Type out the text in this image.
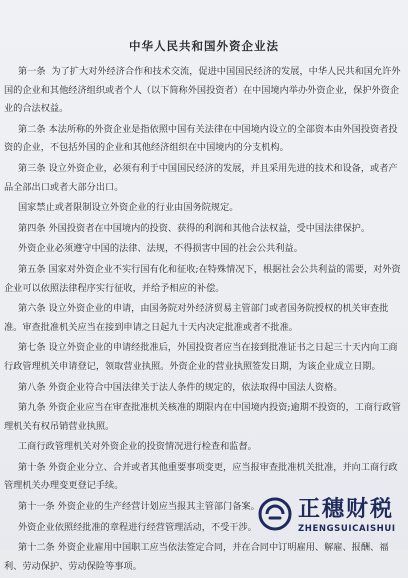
中华人民共和国外资企业法
第一条  为了扩大对外经济合作和技术交流，促进中国国民经济的发展，中华人民共和国允许外国的企业和其他经济组织或者个人（以下简称外国投资者）在中国境内举办外资企业，保护外资企业的合法权益。
第二条 本法所称的外资企业是指依照中国有关法律在中国境内设立的全部资本由外国投资者投资的企业，不包括外国的企业和其他经济组织在中国境内的分支机构。
第三条 设立外资企业，必须有利于中国国民经济的发展，并且采用先进的技术和设备，或者产品全部出口或者大部分出口。
国家禁止或者限制设立外资企业的行业由国务院规定。
第四条 外国投资者在中国境内的投资、获得的利润和其他合法权益，受中国法律保护。
外资企业必须遵守中国的法律、法规，不得损害中国的社会公共利益。
第五条 国家对外资企业不实行国有化和征收;在特殊情况下，根据社会公共利益的需要，对外资企业可以依照法律程序实行征收，并给予相应的补偿。
第六条 设立外资企业的申请，由国务院对外经济贸易主管部门或者国务院授权的机关审查批准。审查批准机关应当在接到申请之日起九十天内决定批准或者不批准。
第七条 设立外资企业的申请经批准后，外国投资者应当在接到批准证书之日起三十天内向工商行政管理机关申请登记，领取营业执照。外资企业的营业执照签发日期，为该企业成立日期。
第八条 外资企业符合中国法律关于法人条件的规定的，依法取得中国法人资格。
第九条 外资企业应当在审查批准机关核准的期限内在中国境内投资;逾期不投资的，工商行政管理机关有权吊销营业执照。
工商行政管理机关对外资企业的投资情况进行检查和监督。
第十条 外资企业分立、合并或者其他重要事项变更，应当报审查批准机关批准，并向工商行政管理机关办理变更登记手续。
第十一条 外资企业的生产经营计划应当报其主管部门备案。
外资企业依照经批准的章程进行经营管理活动，不受干涉。
第十二条 外资企业雇用中国职工应当依法签定合同，并在合同中订明雇用、解雇、报酬、福利、劳动保护、劳动保险等事项。
正穗财税
ZHENGSUICAISHUI
